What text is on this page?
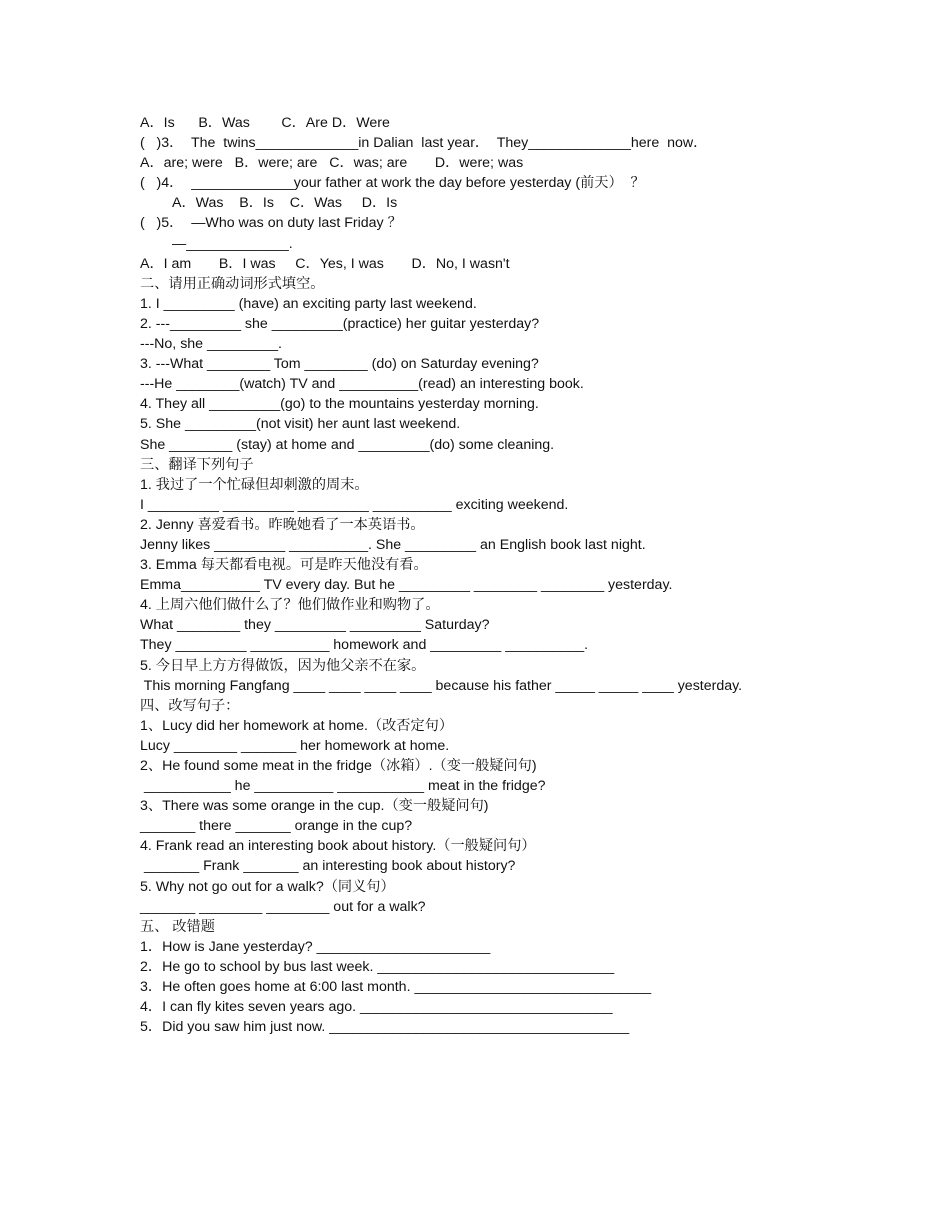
A．Is      B．Was        C．Are D．Were
(   )3．  The  twins_____________in Dalian  last year．  They_____________here  now．
A．are; were   B．were; are   C．was; are       D．were; was
(   )4．  _____________your father at work the day before yesterday (前天）  ？
A．Was    B．Is    C．Was     D．Is
(   )5．  —Who was on duty last Friday ？
—_____________.
A．I am       B．I was     C．Yes, I was       D．No, I wasn't
二、请用正确动词形式填空。
1. I _________ (have) an exciting party last weekend.
2. ---_________ she _________(practice) her guitar yesterday?
---No, she _________.
3. ---What ________ Tom ________ (do) on Saturday evening?
---He ________(watch) TV and __________(read) an interesting book.
4. They all _________(go) to the mountains yesterday morning.
5. She _________(not visit) her aunt last weekend.
She ________ (stay) at home and _________(do) some cleaning.
三、翻译下列句子
1. 我过了一个忙碌但却刺激的周末。
I _________ _________ _________ __________ exciting weekend.
2. Jenny 喜爱看书。昨晚她看了一本英语书。
Jenny likes _________ __________. She _________ an English book last night.
3. Emma 每天都看电视。可是昨天他没有看。
Emma__________ TV every day. But he _________ ________ ________ yesterday.
4. 上周六他们做什么了？他们做作业和购物了。
What ________ they _________ _________ Saturday?
They _________ __________ homework and _________ __________.
5. 今日早上方方得做饭，因为他父亲不在家。
This morning Fangfang ____ ____ ____ ____ because his father _____ _____ ____ yesterday.
四、改写句子：
1、Lucy did her homework at home.（改否定句）
Lucy ________ _______ her homework at home.
2、He found some meat in the fridge（冰箱）.（变一般疑问句)
___________ he __________ ___________ meat in the fridge?
3、There was some orange in the cup.（变一般疑问句)
_______ there _______ orange in the cup?
4. Frank read an interesting book about history.（一般疑问句）
_______ Frank _______ an interesting book about history?
5. Why not go out for a walk?（同义句）
_______ ________ ________ out for a walk?
五、 改错题
1．How is Jane yesterday? ______________________
2．He go to school by bus last week. ______________________________
3．He often goes home at 6:00 last month. ______________________________
4．I can fly kites seven years ago. ________________________________
5．Did you saw him just now. ______________________________________
